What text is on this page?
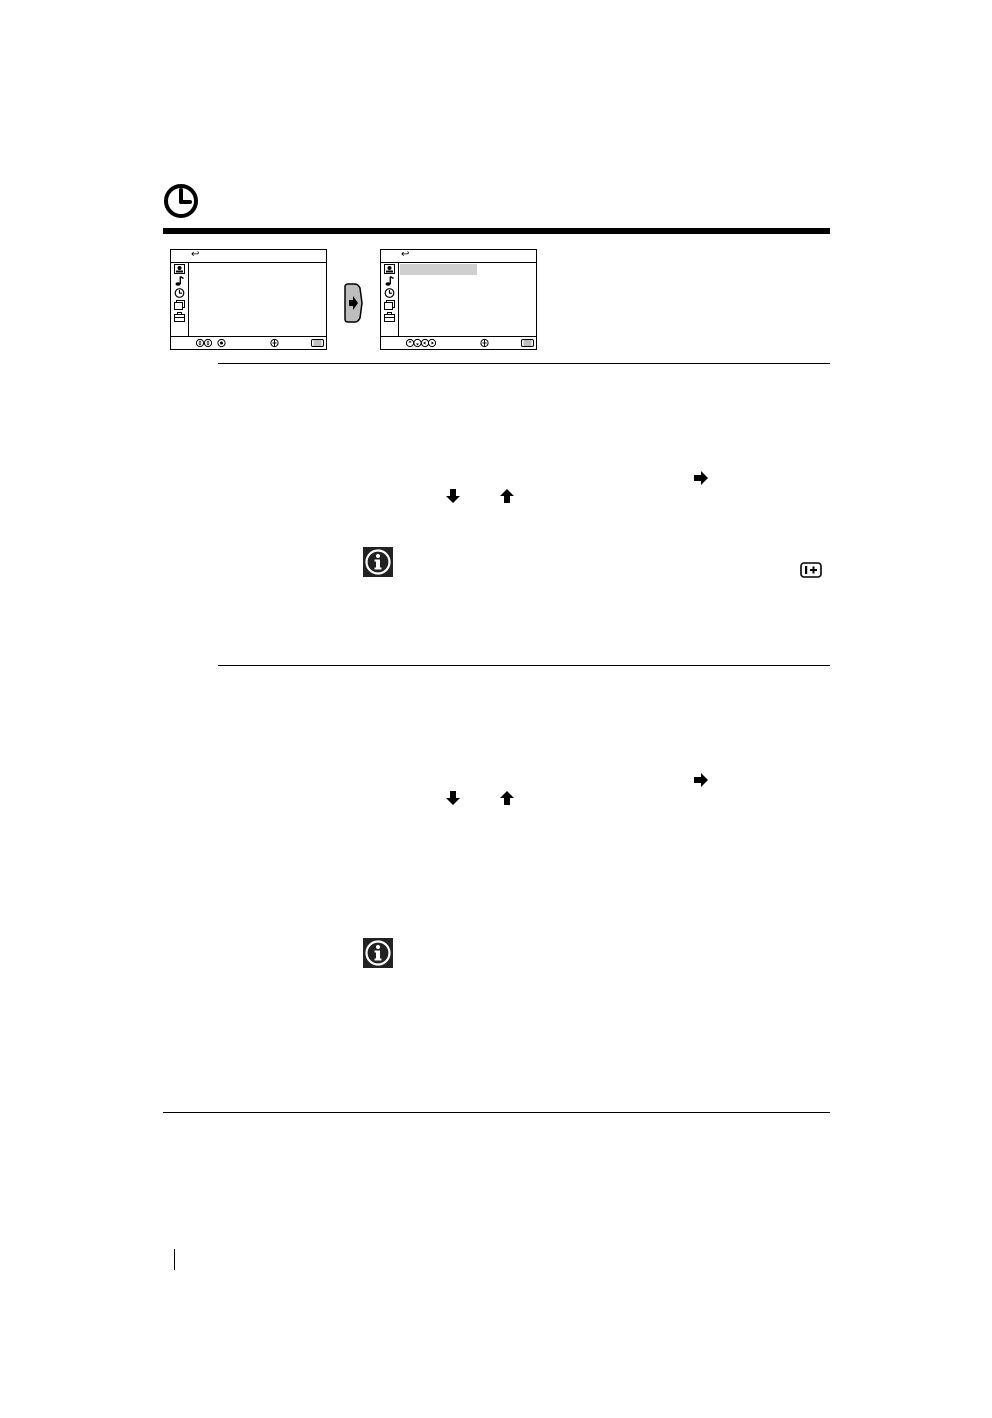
↩	↩
